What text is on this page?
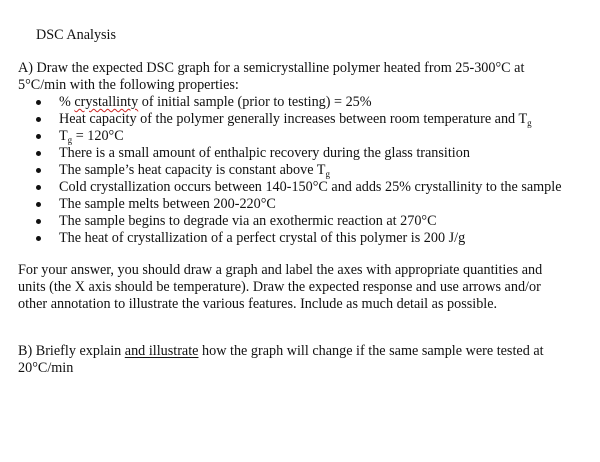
DSC Analysis
A) Draw the expected DSC graph for a semicrystalline polymer heated from 25-300°C at
5°C/min with the following properties:
% crystallinty of initial sample (prior to testing) = 25%
Heat capacity of the polymer generally increases between room temperature and $T_g$
$T_g = 120^\circ C$
There is a small amount of enthalpic recovery during the glass transition
The sample’s heat capacity is constant above $T_g$
Cold crystallization occurs between 140-150°C and adds 25% crystallinity to the sample
The sample melts between 200-220°C
The sample begins to degrade via an exothermic reaction at 270°C
The heat of crystallization of a perfect crystal of this polymer is 200 J/g
For your answer, you should draw a graph and label the axes with appropriate quantities and
units (the X axis should be temperature). Draw the expected response and use arrows and/or
other annotation to illustrate the various features. Include as much detail as possible.
B) Briefly explain and illustrate how the graph will change if the same sample were tested at
20°C/min
